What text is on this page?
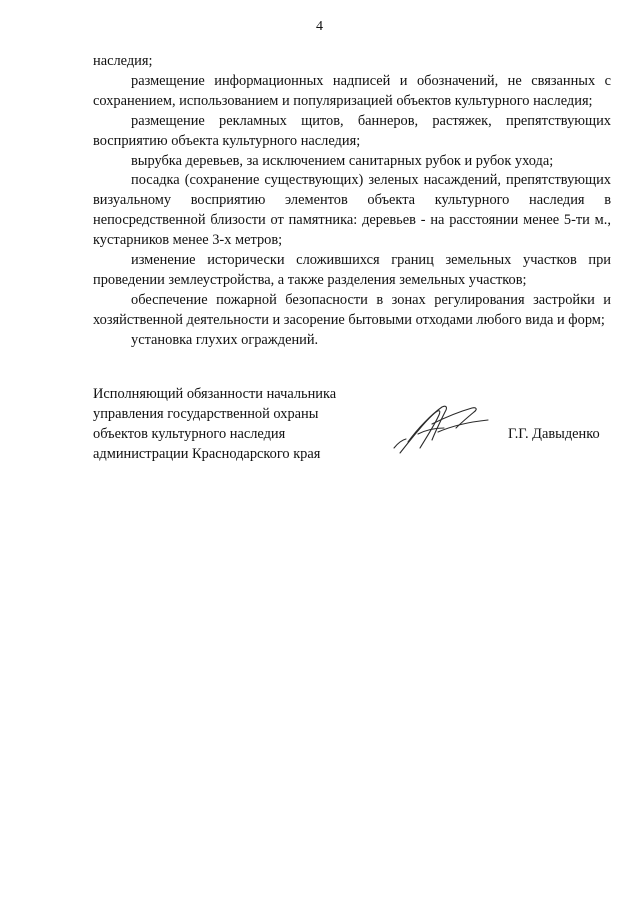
4

наследия;

размещение информационных надписей и обозначений, не связанных с сохранением, использованием и популяризацией объектов культурного наследия;

размещение рекламных щитов, баннеров, растяжек, препятствующих восприятию объекта культурного наследия;

вырубка деревьев, за исключением санитарных рубок и рубок ухода;

посадка (сохранение существующих) зеленых насаждений, препятствующих визуальному восприятию элементов объекта культурного наследия в непосредственной близости от памятника: деревьев - на расстоянии менее 5-ти м., кустарников менее 3-х метров;

изменение исторически сложившихся границ земельных участков при проведении землеустройства, а также разделения земельных участков;

обеспечение пожарной безопасности в зонах регулирования застройки и хозяйственной деятельности и засорение бытовыми отходами любого вида и форм;

установка глухих ограждений.

Исполняющий обязанности начальника
управления государственной охраны
объектов культурного наследия
администрации Краснодарского края
Г.Г. Давыденко
